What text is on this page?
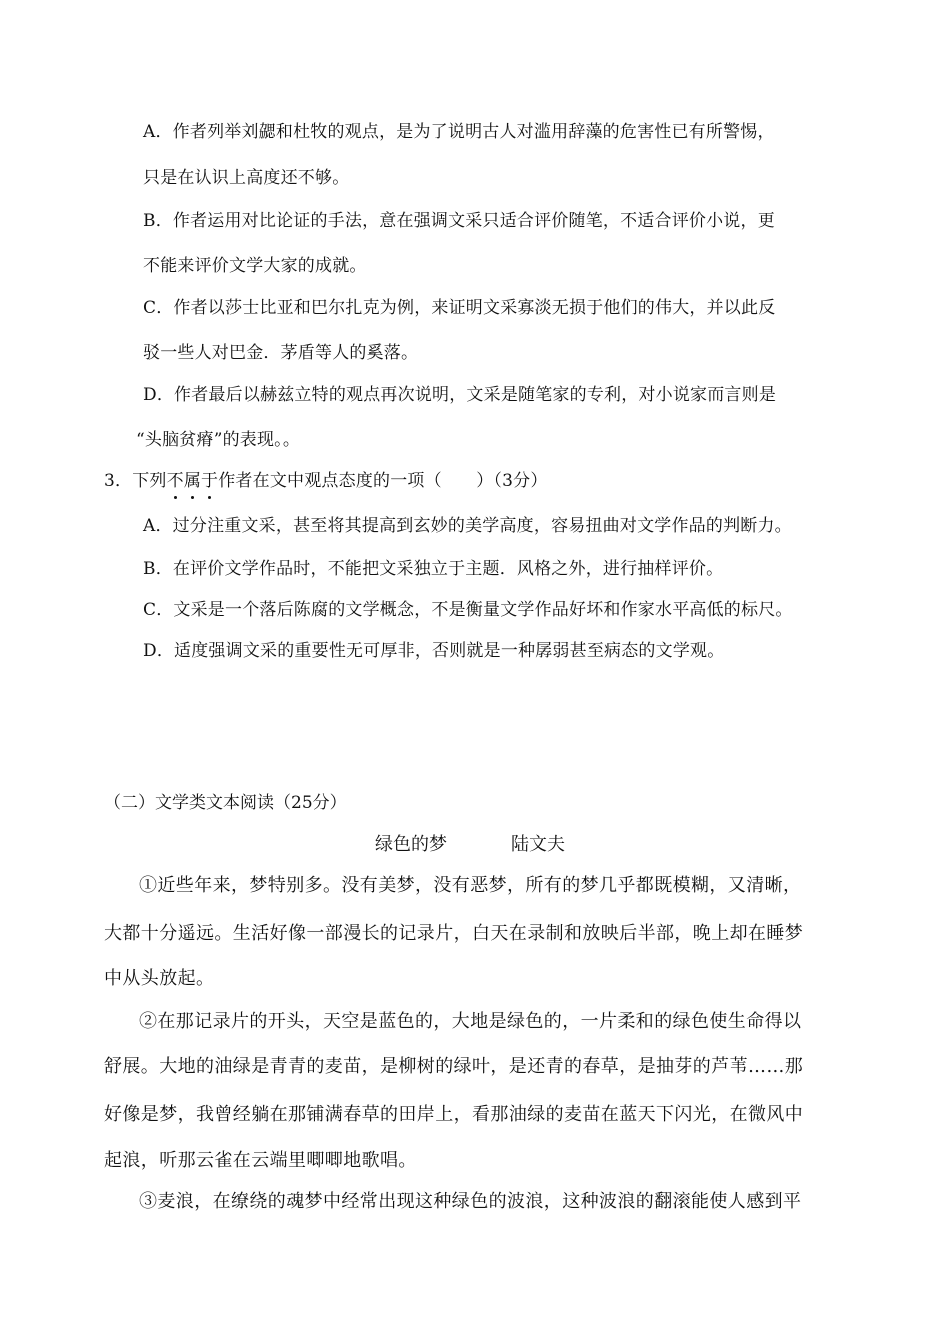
A．作者列举刘勰和杜牧的观点，是为了说明古人对滥用辞藻的危害性已有所警惕，
只是在认识上高度还不够。
B．作者运用对比论证的手法，意在强调文采只适合评价随笔，不适合评价小说，更
不能来评价文学大家的成就。
C．作者以莎士比亚和巴尔扎克为例，来证明文采寡淡无损于他们的伟大，并以此反
驳一些人对巴金．茅盾等人的奚落。
D．作者最后以赫兹立特的观点再次说明，文采是随笔家的专利，对小说家而言则是
“头脑贫瘠”的表现。。
3．下列不属于作者在文中观点态度的一项（　　）（3分）
A．过分注重文采，甚至将其提高到玄妙的美学高度，容易扭曲对文学作品的判断力。
B．在评价文学作品时，不能把文采独立于主题．风格之外，进行抽样评价。
C．文采是一个落后陈腐的文学概念，不是衡量文学作品好坏和作家水平高低的标尺。
D．适度强调文采的重要性无可厚非，否则就是一种孱弱甚至病态的文学观。
（二）文学类文本阅读（25分）
绿色的梦	陆文夫
①近些年来，梦特别多。没有美梦，没有恶梦，所有的梦几乎都既模糊，又清晰，
大都十分遥远。生活好像一部漫长的记录片，白天在录制和放映后半部，晚上却在睡梦
中从头放起。
②在那记录片的开头，天空是蓝色的，大地是绿色的，一片柔和的绿色使生命得以
舒展。大地的油绿是青青的麦苗，是柳树的绿叶，是还青的春草，是抽芽的芦苇……那
好像是梦，我曾经躺在那铺满春草的田岸上，看那油绿的麦苗在蓝天下闪光，在微风中
起浪，听那云雀在云端里唧唧地歌唱。
③麦浪，在缭绕的魂梦中经常出现这种绿色的波浪，这种波浪的翻滚能使人感到平
